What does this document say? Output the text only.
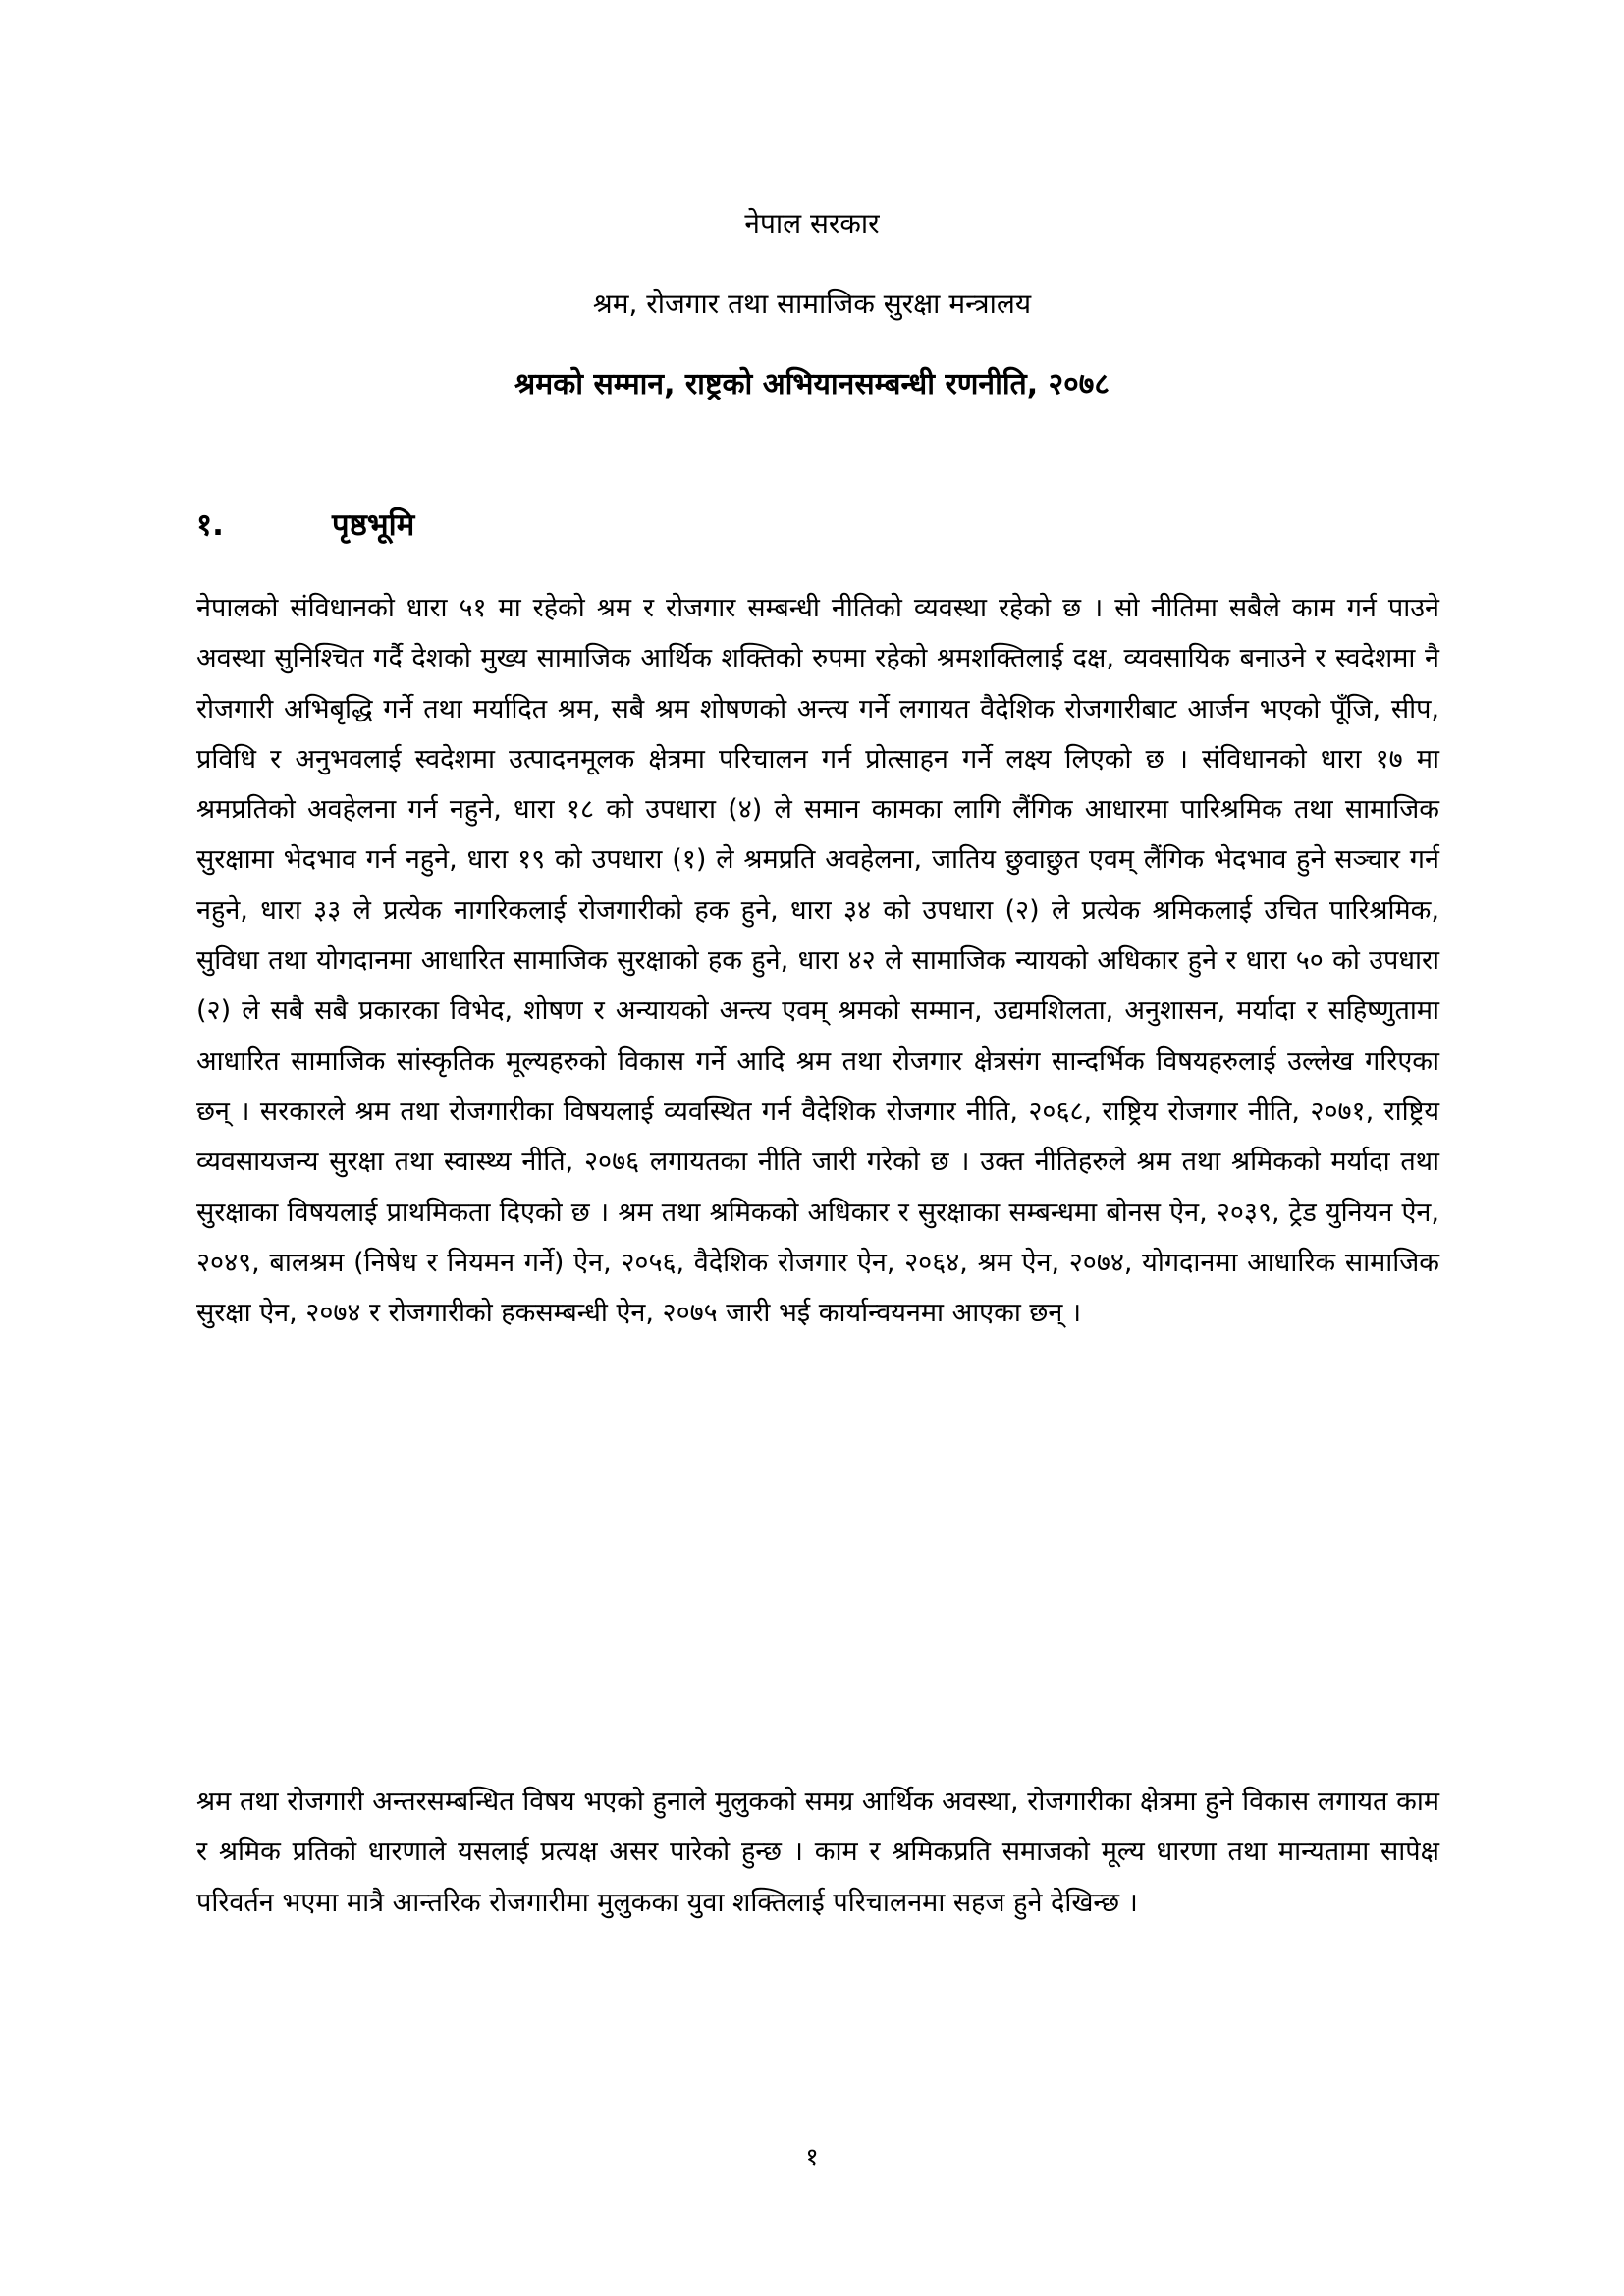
नेपाल सरकार
श्रम, रोजगार तथा सामाजिक सुरक्षा मन्त्रालय
श्रमको सम्मान, राष्ट्रको अभियानसम्बन्धी रणनीति, २०७८
१.	पृष्ठभूमि

नेपालको संविधानको धारा ५१ मा रहेको श्रम र रोजगार सम्बन्धी नीतिको व्यवस्था रहेको छ । सो नीतिमा सबैले काम गर्न पाउने अवस्था सुनिश्चित गर्दै देशको मुख्य सामाजिक आर्थिक शक्तिको रुपमा रहेको श्रमशक्तिलाई दक्ष, व्यवसायिक बनाउने र स्वदेशमा नै रोजगारी अभिबृद्धि गर्ने तथा मर्यादित श्रम, सबै श्रम शोषणको अन्त्य गर्ने लगायत वैदेशिक रोजगारीबाट आर्जन भएको पूँजि, सीप, प्रविधि र अनुभवलाई स्वदेशमा उत्पादनमूलक क्षेत्रमा परिचालन गर्न प्रोत्साहन गर्ने लक्ष्य लिएको छ । संविधानको धारा १७ मा श्रमप्रतिको अवहेलना गर्न नहुने, धारा १८ को उपधारा (४) ले समान कामका लागि लैंगिक आधारमा पारिश्रमिक तथा सामाजिक सुरक्षामा भेदभाव गर्न नहुने, धारा १९ को उपधारा (१) ले श्रमप्रति अवहेलना, जातिय छुवाछुत एवम् लैंगिक भेदभाव हुने सञ्चार गर्न नहुने, धारा ३३ ले प्रत्येक नागरिकलाई रोजगारीको हक हुने, धारा ३४ को उपधारा (२) ले प्रत्येक श्रमिकलाई उचित पारिश्रमिक, सुविधा तथा योगदानमा आधारित सामाजिक सुरक्षाको हक हुने, धारा ४२ ले सामाजिक न्यायको अधिकार हुने र धारा ५० को उपधारा (२) ले सबै सबै प्रकारका विभेद, शोषण र अन्यायको अन्त्य एवम् श्रमको सम्मान, उद्यमशिलता, अनुशासन, मर्यादा र सहिष्णुतामा आधारित सामाजिक सांस्कृतिक मूल्यहरुको विकास गर्ने आदि श्रम तथा रोजगार क्षेत्रसंग सान्दर्भिक विषयहरुलाई उल्लेख गरिएका छन् । सरकारले श्रम तथा रोजगारीका विषयलाई व्यवस्थित गर्न वैदेशिक रोजगार नीति, २०६८, राष्ट्रिय रोजगार नीति, २०७१, राष्ट्रिय व्यवसायजन्य सुरक्षा तथा स्वास्थ्य नीति, २०७६ लगायतका नीति जारी गरेको छ । उक्त नीतिहरुले श्रम तथा श्रमिकको मर्यादा तथा सुरक्षाका विषयलाई प्राथमिकता दिएको छ । श्रम तथा श्रमिकको अधिकार र सुरक्षाका सम्बन्धमा बोनस ऐन, २०३९, ट्रेड युनियन ऐन, २०४९, बालश्रम (निषेध र नियमन गर्ने) ऐन, २०५६, वैदेशिक रोजगार ऐन, २०६४, श्रम ऐन, २०७४, योगदानमा आधारिक सामाजिक सुरक्षा ऐन, २०७४ र रोजगारीको हकसम्बन्धी ऐन, २०७५ जारी भई कार्यान्वयनमा आएका छन् ।

श्रम तथा रोजगारी अन्तरसम्बन्धित विषय भएको हुनाले मुलुकको समग्र आर्थिक अवस्था, रोजगारीका क्षेत्रमा हुने विकास लगायत काम र श्रमिक प्रतिको धारणाले यसलाई प्रत्यक्ष असर पारेको हुन्छ । काम र श्रमिकप्रति समाजको मूल्य धारणा तथा मान्यतामा सापेक्ष परिवर्तन भएमा मात्रै आन्तरिक रोजगारीमा मुलुकका युवा शक्तिलाई परिचालनमा सहज हुने देखिन्छ ।

१
